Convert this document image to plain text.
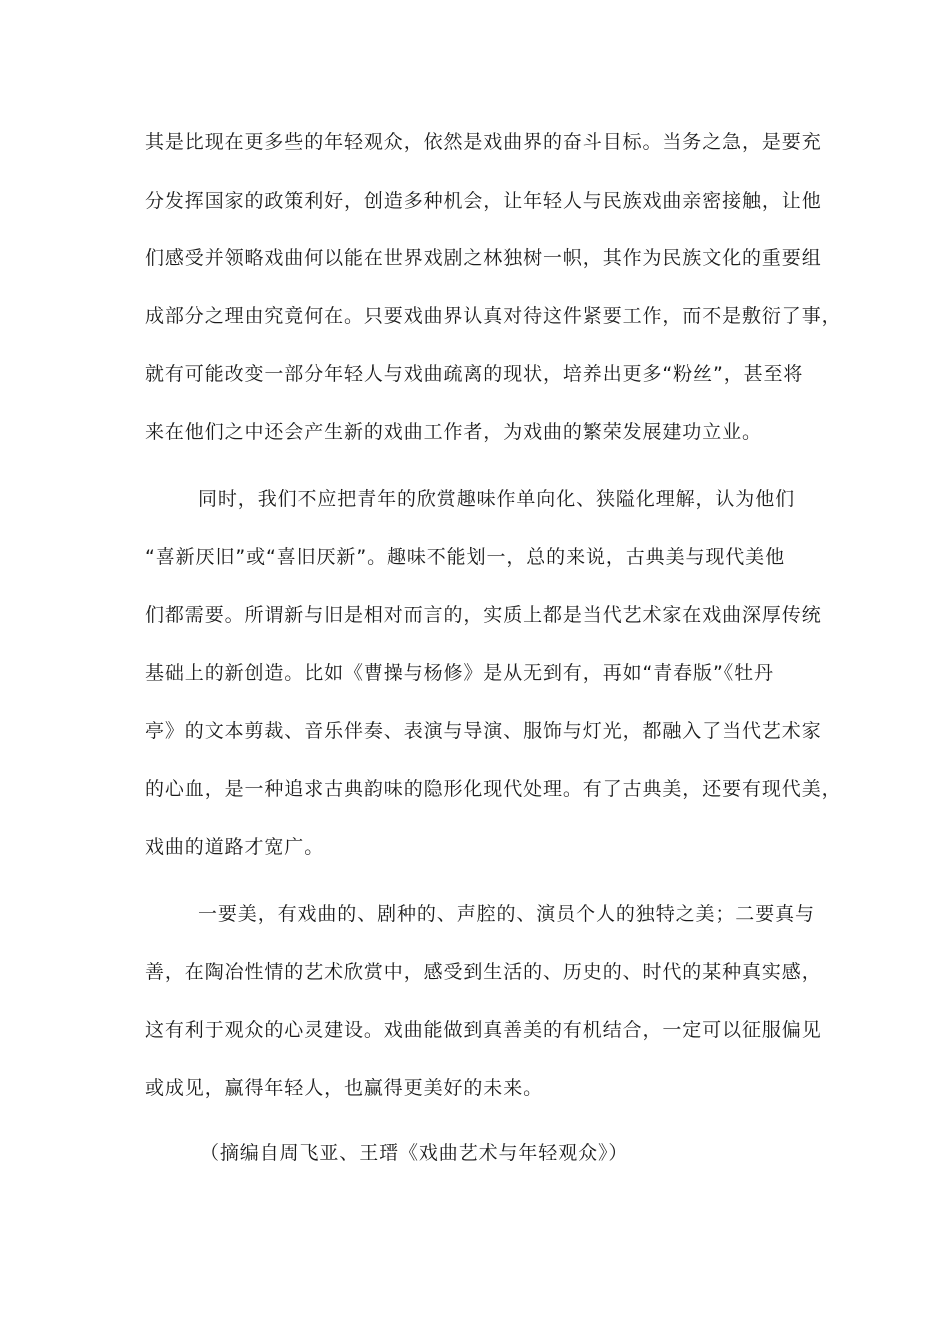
其是比现在更多些的年轻观众，依然是戏曲界的奋斗目标。当务之急，是要充
分发挥国家的政策利好，创造多种机会，让年轻人与民族戏曲亲密接触，让他
们感受并领略戏曲何以能在世界戏剧之林独树一帜，其作为民族文化的重要组
成部分之理由究竟何在。只要戏曲界认真对待这件紧要工作，而不是敷衍了事，
就有可能改变一部分年轻人与戏曲疏离的现状，培养出更多“粉丝”，甚至将
来在他们之中还会产生新的戏曲工作者，为戏曲的繁荣发展建功立业。
同时，我们不应把青年的欣赏趣味作单向化、狭隘化理解，认为他们
“喜新厌旧”或“喜旧厌新”。趣味不能划一，总的来说，古典美与现代美他
们都需要。所谓新与旧是相对而言的，实质上都是当代艺术家在戏曲深厚传统
基础上的新创造。比如《曹操与杨修》是从无到有，再如“青春版”《牡丹
亭》的文本剪裁、音乐伴奏、表演与导演、服饰与灯光，都融入了当代艺术家
的心血，是一种追求古典韵味的隐形化现代处理。有了古典美，还要有现代美，
戏曲的道路才宽广。
一要美，有戏曲的、剧种的、声腔的、演员个人的独特之美；二要真与
善，在陶冶性情的艺术欣赏中，感受到生活的、历史的、时代的某种真实感，
这有利于观众的心灵建设。戏曲能做到真善美的有机结合，一定可以征服偏见
或成见，赢得年轻人，也赢得更美好的未来。
（摘编自周飞亚、王瑨《戏曲艺术与年轻观众》）
